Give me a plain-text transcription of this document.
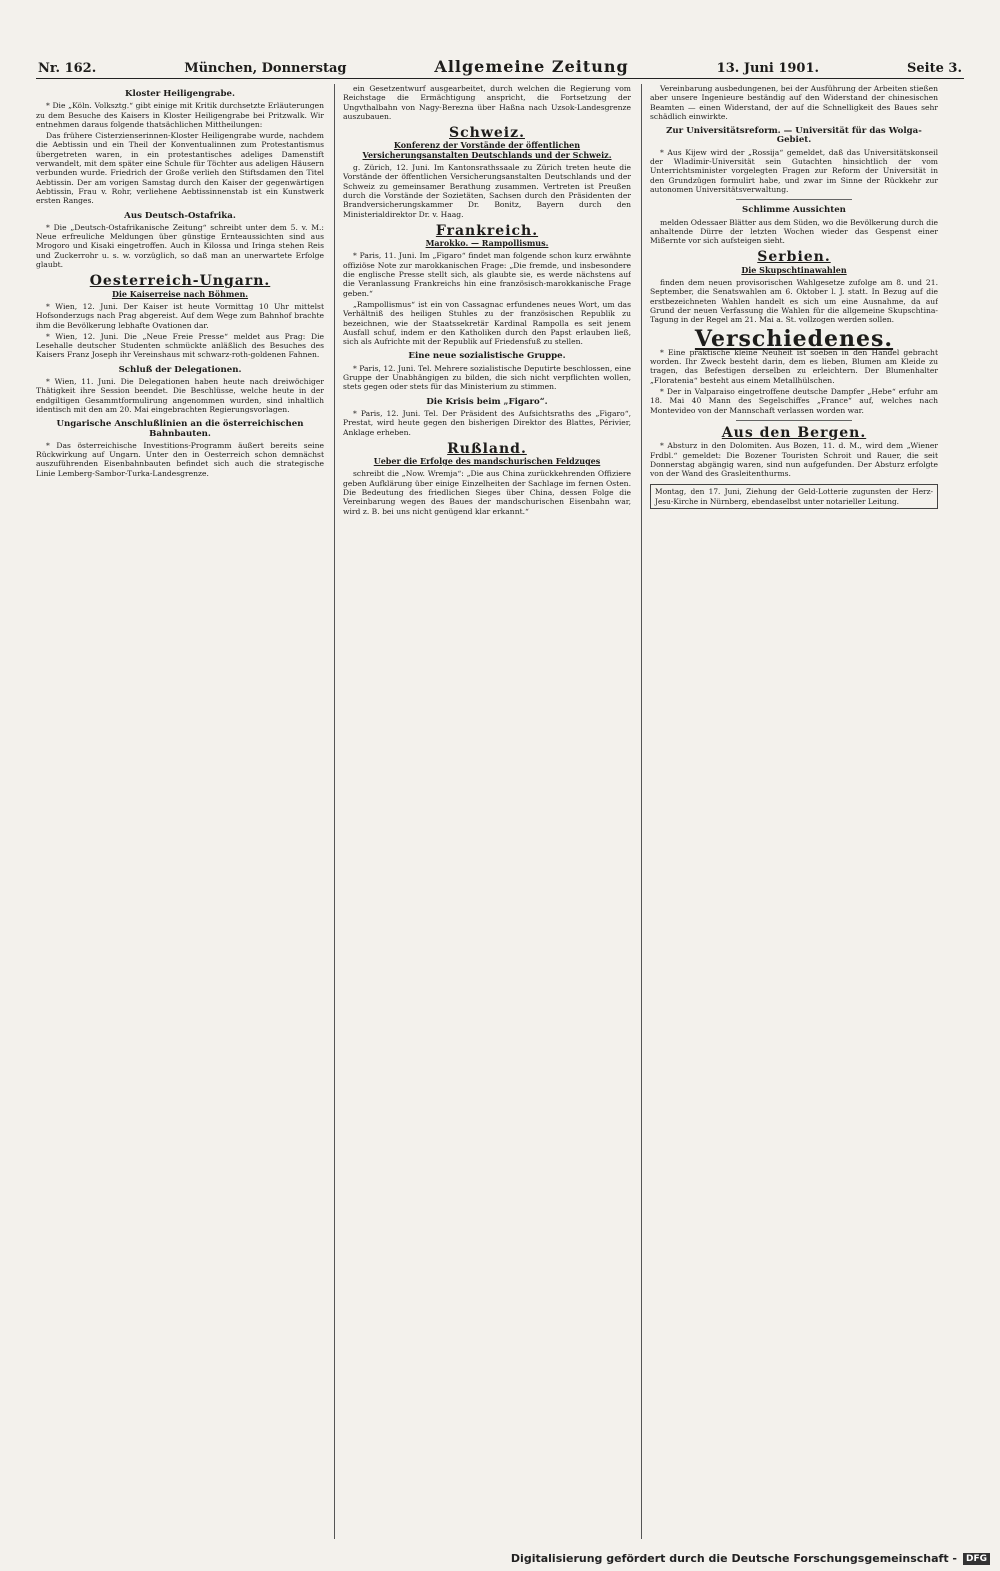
Nr. 162.	München, Donnerstag	Allgemeine Zeitung	13. Juni 1901.	Seite 3.
Kloster Heiligengrabe.

* Die „Köln. Volksztg.“ gibt einige mit Kritik durchsetzte Erläuterungen zu dem Besuche des Kaisers in Kloster Heiligengrabe bei Pritzwalk. Wir entnehmen daraus folgende thatsächlichen Mittheilungen:

Das frühere Cisterzienserinnen-Kloster Heiligengrabe wurde, nachdem die Aebtissin und ein Theil der Konventualinnen zum Protestantismus übergetreten waren, in ein protestantisches adeliges Damenstift verwandelt, mit dem später eine Schule für Töchter aus adeligen Häusern verbunden wurde. Friedrich der Große verlieh den Stiftsdamen den Titel Aebtissin. Der am vorigen Samstag durch den Kaiser der gegenwärtigen Aebtissin, Frau v. Rohr, verliehene Aebtissinnenstab ist ein Kunstwerk ersten Ranges.

Aus Deutsch-Ostafrika.

* Die „Deutsch-Ostafrikanische Zeitung“ schreibt unter dem 5. v. M.: Neue erfreuliche Meldungen über günstige Ernteaussichten sind aus Mrogoro und Kisaki eingetroffen. Auch in Kilossa und Iringa stehen Reis und Zuckerrohr u. s. w. vorzüglich, so daß man an unerwartete Erfolge glaubt.

Oesterreich-Ungarn.
Die Kaiserreise nach Böhmen.

* Wien, 12. Juni. Der Kaiser ist heute Vormittag 10 Uhr mittelst Hofsonderzugs nach Prag abgereist. Auf dem Wege zum Bahnhof brachte ihm die Bevölkerung lebhafte Ovationen dar.

* Wien, 12. Juni. Die „Neue Freie Presse“ meldet aus Prag: Die Lesehalle deutscher Studenten schmückte anläßlich des Besuches des Kaisers Franz Joseph ihr Vereinshaus mit schwarz-roth-goldenen Fahnen.

Schluß der Delegationen.

* Wien, 11. Juni. Die Delegationen haben heute nach dreiwöchiger Thätigkeit ihre Session beendet. Die Beschlüsse, welche heute in der endgiltigen Gesammtformulirung angenommen wurden, sind inhaltlich identisch mit den am 20. Mai eingebrachten Regierungsvorlagen.

Ungarische Anschlußlinien an die österreichischen Bahnbauten.

* Das österreichische Investitions-Programm äußert bereits seine Rückwirkung auf Ungarn. Unter den in Oesterreich schon demnächst auszuführenden Eisenbahnbauten befindet sich auch die strategische Linie Lemberg-Sambor-Turka-Landesgrenze.

ein Gesetzentwurf ausgearbeitet, durch welchen die Regierung vom Reichstage die Ermächtigung anspricht, die Fortsetzung der Ungvthalbahn von Nagy-Berezna über Haßna nach Uzsok-Landesgrenze auszubauen.

Schweiz.
Konferenz der Vorstände der öffentlichen Versicherungsanstalten Deutschlands und der Schweiz.

g. Zürich, 12. Juni. Im Kantonsrathssaale zu Zürich treten heute die Vorstände der öffentlichen Versicherungsanstalten Deutschlands und der Schweiz zu gemeinsamer Berathung zusammen. Vertreten ist Preußen durch die Vorstände der Sozietäten, Sachsen durch den Präsidenten der Brandversicherungskammer Dr. Bonitz, Bayern durch den Ministerialdirektor Dr. v. Haag.

Frankreich.
Marokko. — Rampollismus.

* Paris, 11. Juni. Im „Figaro“ findet man folgende schon kurz erwähnte offiziöse Note zur marokkanischen Frage: „Die fremde, und insbesondere die englische Presse stellt sich, als glaubte sie, es werde nächstens auf die Veranlassung Frankreichs hin eine französisch-marokkanische Frage geben.“

„Rampollismus“ ist ein von Cassagnac erfundenes neues Wort, um das Verhältniß des heiligen Stuhles zu der französischen Republik zu bezeichnen, wie der Staatssekretär Kardinal Rampolla es seit jenem Ausfall schuf, indem er den Katholiken durch den Papst erlauben ließ, sich als Aufrichte mit der Republik auf Friedensfuß zu stellen.

Eine neue sozialistische Gruppe.

* Paris, 12. Juni. Tel. Mehrere sozialistische Deputirte beschlossen, eine Gruppe der Unabhängigen zu bilden, die sich nicht verpflichten wollen, stets gegen oder stets für das Ministerium zu stimmen.

Die Krisis beim „Figaro“.

* Paris, 12. Juni. Tel. Der Präsident des Aufsichtsraths des „Figaro“, Prestat, wird heute gegen den bisherigen Direktor des Blattes, Périvier, Anklage erheben.

Rußland.
Ueber die Erfolge des mandschurischen Feldzuges

schreibt die „Now. Wremja“: „Die aus China zurückkehrenden Offiziere geben Aufklärung über einige Einzelheiten der Sachlage im fernen Osten. Die Bedeutung des friedlichen Sieges über China, dessen Folge die Vereinbarung wegen des Baues der mandschurischen Eisenbahn war, wird z. B. bei uns nicht genügend klar erkannt.“

Vereinbarung ausbedungenen, bei der Ausführung der Arbeiten stießen aber unsere Ingenieure beständig auf den Widerstand der chinesischen Beamten — einen Widerstand, der auf die Schnelligkeit des Baues sehr schädlich einwirkte.

Zur Universitätsreform. — Universität für das Wolga-Gebiet.

* Aus Kijew wird der „Rossija“ gemeldet, daß das Universitätskonseil der Wladimir-Universität sein Gutachten hinsichtlich der vom Unterrichtsminister vorgelegten Fragen zur Reform der Universität in den Grundzügen formulirt habe, und zwar im Sinne der Rückkehr zur autonomen Universitätsverwaltung.

Schlimme Aussichten

melden Odessaer Blätter aus dem Süden, wo die Bevölkerung durch die anhaltende Dürre der letzten Wochen wieder das Gespenst einer Mißernte vor sich aufsteigen sieht.

Serbien.
Die Skupschtinawahlen

finden dem neuen provisorischen Wahlgesetze zufolge am 8. und 21. September, die Senatswahlen am 6. Oktober l. J. statt. In Bezug auf die erstbezeichneten Wahlen handelt es sich um eine Ausnahme, da auf Grund der neuen Verfassung die Wahlen für die allgemeine Skupschtina-Tagung in der Regel am 21. Mai a. St. vollzogen werden sollen.

Verschiedenes.

* Eine praktische kleine Neuheit ist soeben in den Handel gebracht worden. Ihr Zweck besteht darin, dem es lieben, Blumen am Kleide zu tragen, das Befestigen derselben zu erleichtern. Der Blumenhalter „Floratenia“ besteht aus einem Metallhülschen.

* Der in Valparaiso eingetroffene deutsche Dampfer „Hebe“ erfuhr am 18. Mai 40 Mann des Segelschiffes „France“ auf, welches nach Montevideo von der Mannschaft verlassen worden war.

Aus den Bergen.

* Absturz in den Dolomiten. Aus Bozen, 11. d. M., wird dem „Wiener Frdbl.“ gemeldet: Die Bozener Touristen Schroit und Rauer, die seit Donnerstag abgängig waren, sind nun aufgefunden. Der Absturz erfolgte von der Wand des Grasleitenthurms.

Montag, den 17. Juni, Ziehung der Geld-Lotterie zugunsten der Herz-Jesu-Kirche in Nürnberg, ebendaselbst unter notarieller Leitung.
Digitalisierung gefördert durch die Deutsche Forschungsgemeinschaft -	DFG
